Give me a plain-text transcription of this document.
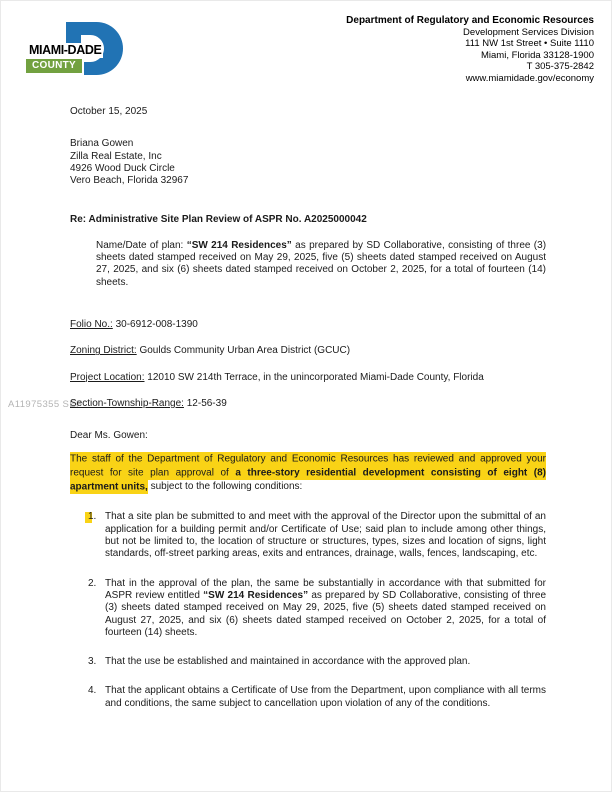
MIAMI-DADE
COUNTY
Department of Regulatory and Economic Resources
Development Services Division
111 NW 1st Street • Suite 1110
Miami, Florida 33128-1900
T 305-375-2842
www.miamidade.gov/economy
October 15, 2025
Briana Gowen
Zilla Real Estate, Inc
4926 Wood Duck Circle
Vero Beach, Florida 32967
Re: Administrative Site Plan Review of ASPR No. A2025000042
Name/Date of plan: “SW 214 Residences” as prepared by SD Collaborative, consisting of three (3) sheets dated stamped received on May 29, 2025, five (5) sheets dated stamped received on August 27, 2025, and six (6) sheets dated stamped received on October 2, 2025, for a total of fourteen (14) sheets.
Folio No.: 30-6912-008-1390
Zoning District: Goulds Community Urban Area District (GCUC)
Project Location: 12010 SW 214th Terrace, in the unincorporated Miami-Dade County, Florida
A11975355 SEF
Section-Township-Range: 12-56-39
Dear Ms. Gowen:
The staff of the Department of Regulatory and Economic Resources has reviewed and approved your request for site plan approval of a three-story residential development consisting of eight (8) apartment units, subject to the following conditions:
1. That a site plan be submitted to and meet with the approval of the Director upon the submittal of an application for a building permit and/or Certificate of Use; said plan to include among other things, but not be limited to, the location of structure or structures, types, sizes and location of signs, light standards, off-street parking areas, exits and entrances, drainage, walls, fences, landscaping, etc.
2. That in the approval of the plan, the same be substantially in accordance with that submitted for ASPR review entitled “SW 214 Residences” as prepared by SD Collaborative, consisting of three (3) sheets dated stamped received on May 29, 2025, five (5) sheets dated stamped received on August 27, 2025, and six (6) sheets dated stamped received on October 2, 2025, for a total of fourteen (14) sheets.
3. That the use be established and maintained in accordance with the approved plan.
4. That the applicant obtains a Certificate of Use from the Department, upon compliance with all terms and conditions, the same subject to cancellation upon violation of any of the conditions.
